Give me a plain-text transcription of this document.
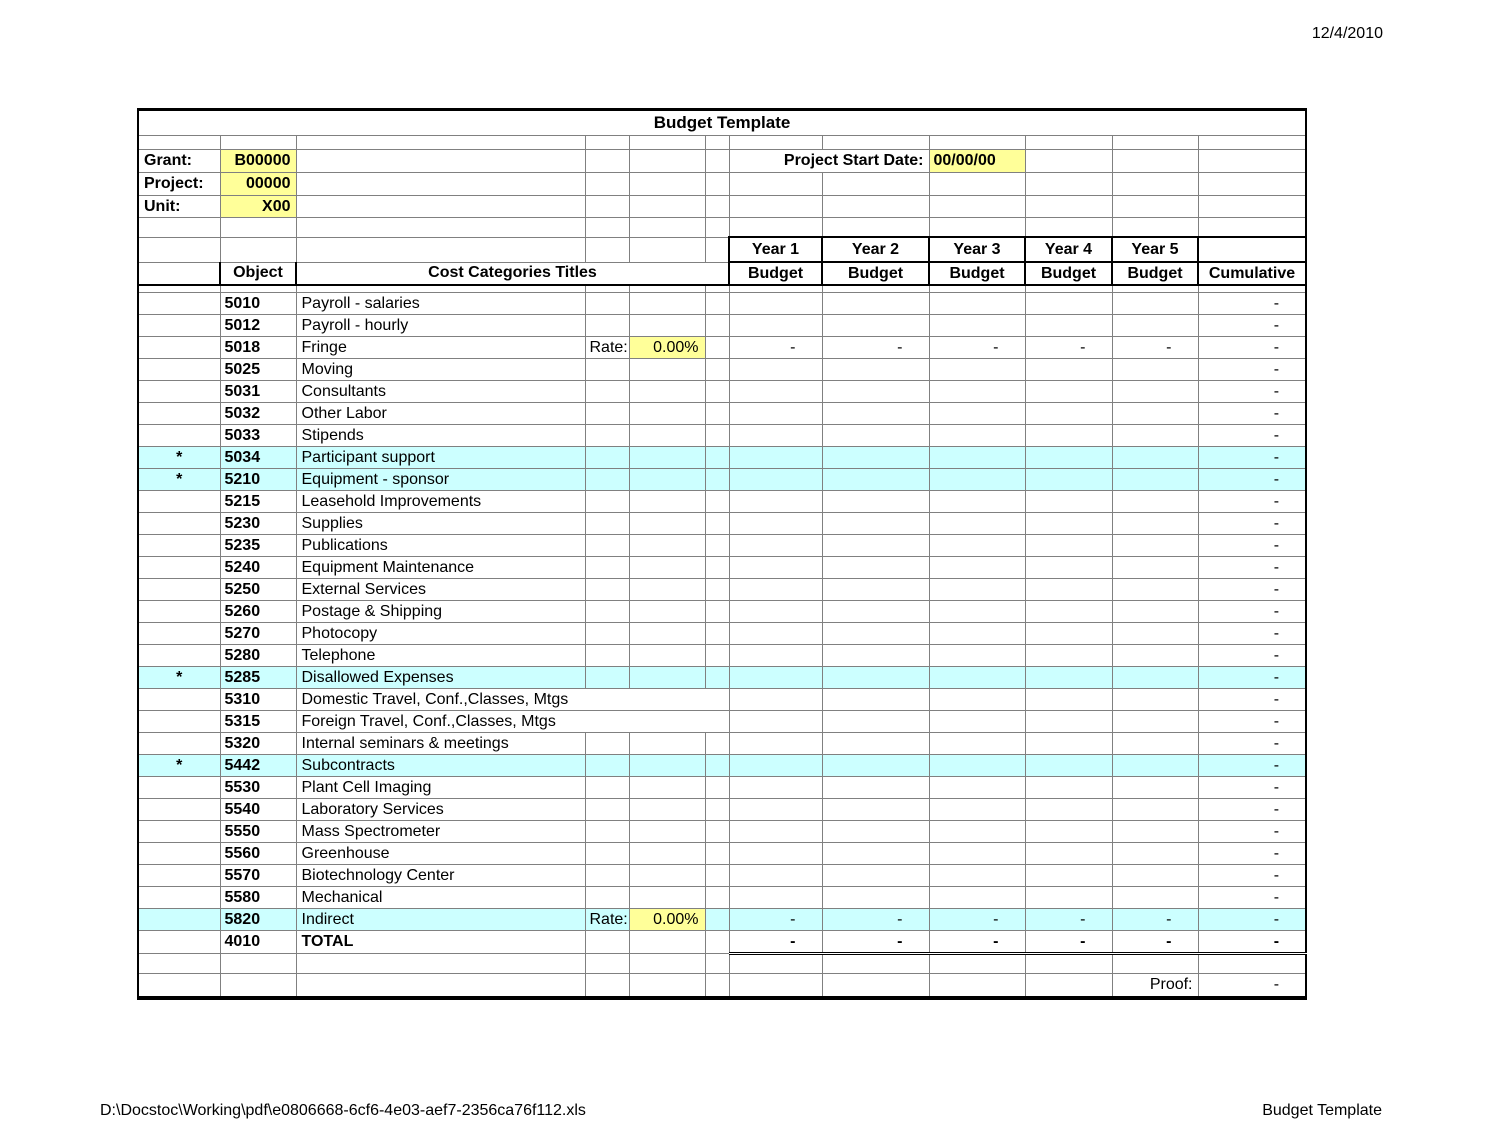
12/4/2010
Budget Template											

Grant:	B00000					Project Start Date:		00/00/00			
Project:	00000										
Unit:	X00										

						Year 1	Year 2	Year 3	Year 4	Year 5	
	Object	Cost Categories Titles				Budget	Budget	Budget	Budget	Budget	Cumulative

	5010	Payroll - salaries									-
	5012	Payroll - hourly									-
	5018	Fringe	Rate:	0.00%		-	-	-	-	-	-
	5025	Moving									-
	5031	Consultants									-
	5032	Other Labor									-
	5033	Stipends									-
*	5034	Participant support									-
*	5210	Equipment - sponsor									-
	5215	Leasehold Improvements									-
	5230	Supplies									-
	5235	Publications									-
	5240	Equipment Maintenance									-
	5250	External Services									-
	5260	Postage & Shipping									-
	5270	Photocopy									-
	5280	Telephone									-
*	5285	Disallowed Expenses									-
	5310	Domestic Travel, Conf.,Classes, Mtgs									-
	5315	Foreign Travel, Conf.,Classes, Mtgs									-
	5320	Internal seminars & meetings									-
*	5442	Subcontracts									-
	5530	Plant Cell Imaging									-
	5540	Laboratory Services									-
	5550	Mass Spectrometer									-
	5560	Greenhouse									-
	5570	Biotechnology Center									-
	5580	Mechanical									-
	5820	Indirect	Rate:	0.00%		-	-	-	-	-	-
	4010	TOTAL				-	-	-	-	-	-

										Proof:	-
D:\Docstoc\Working\pdf\e0806668-6cf6-4e03-aef7-2356ca76f112.xls	Budget Template
